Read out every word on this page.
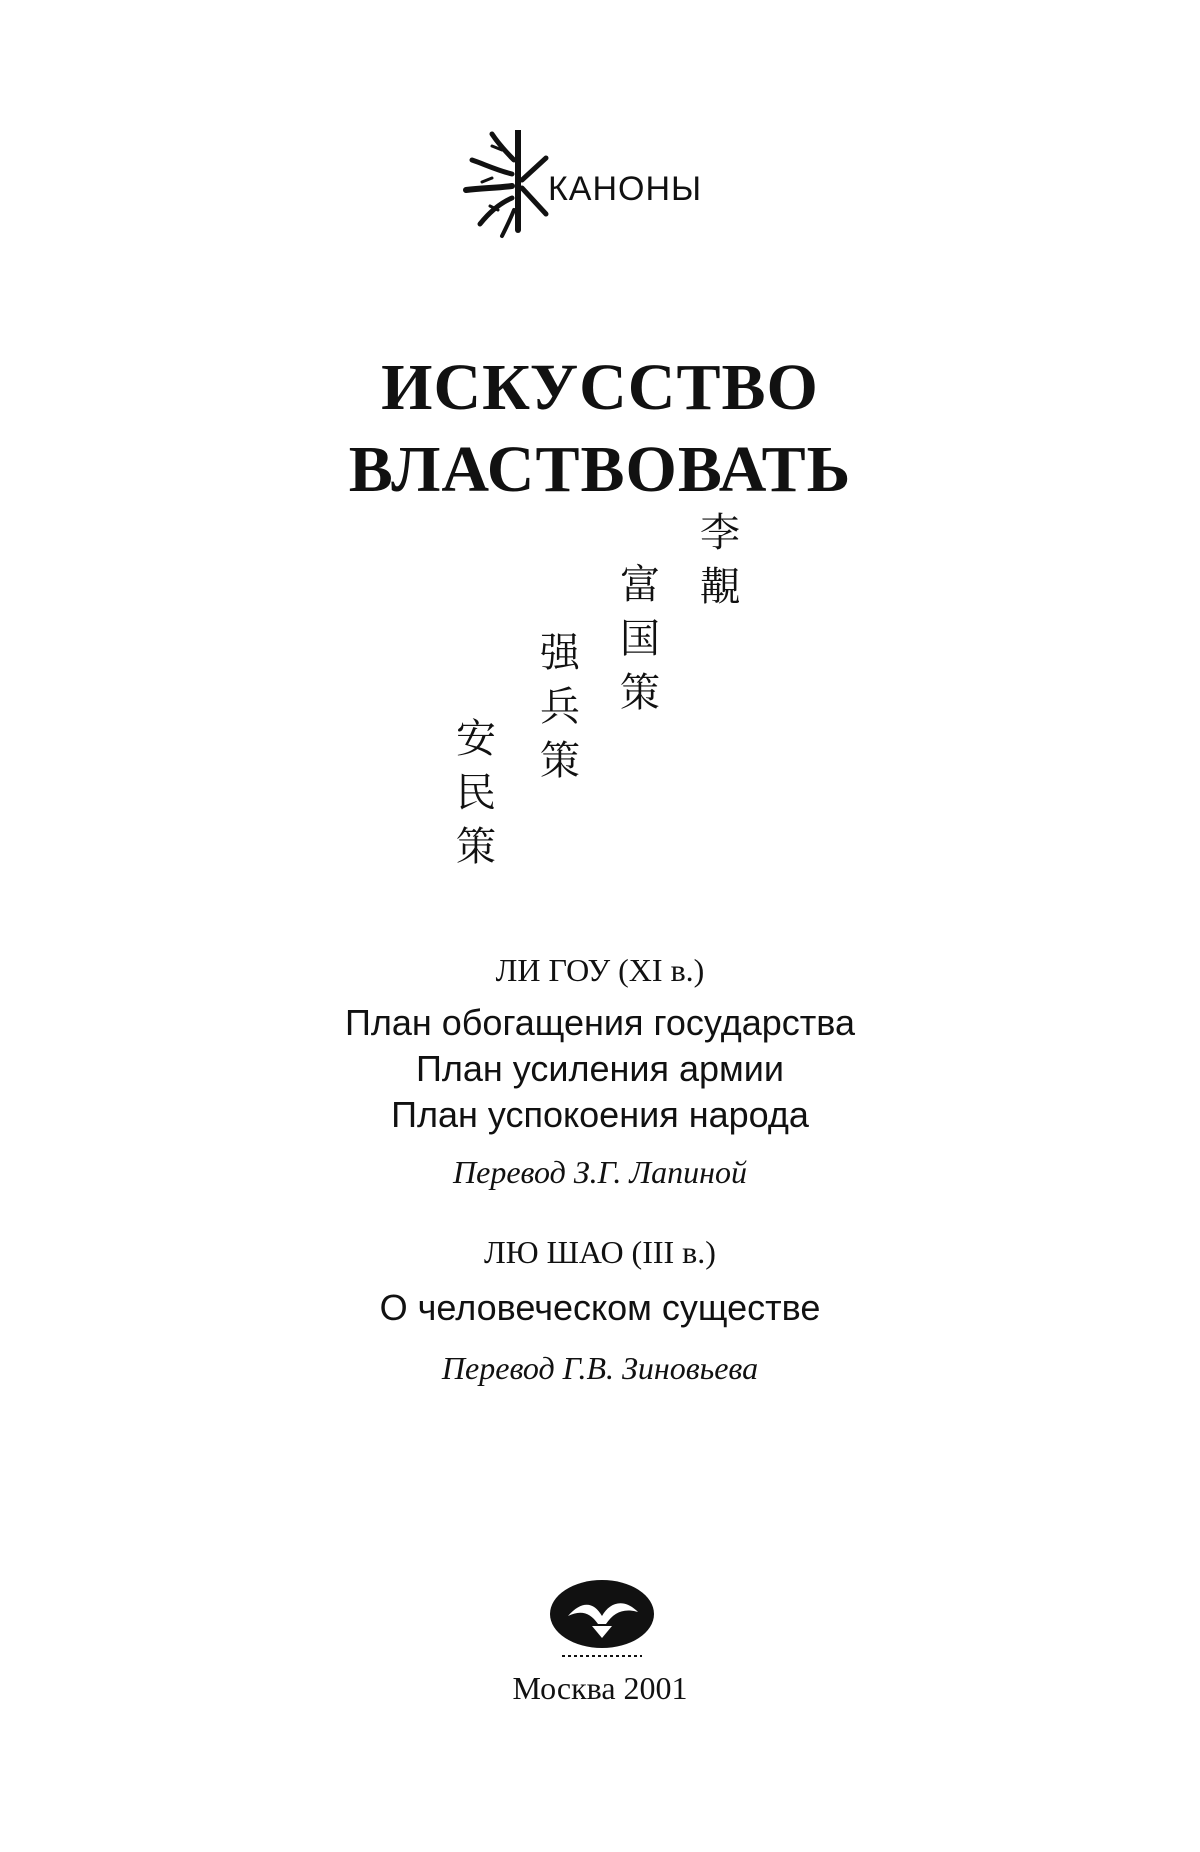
КАНОНЫ
ИСКУССТВО
ВЛАСТВОВАТЬ
李
覯
富
国
策
强
兵
策
安
民
策
ЛИ ГОУ (XI в.)
План обогащения государства
План усиления армии
План успокоения народа
Перевод З.Г. Лапиной
ЛЮ ШАО (III в.)
О человеческом существе
Перевод Г.В. Зиновьева
Москва 2001
